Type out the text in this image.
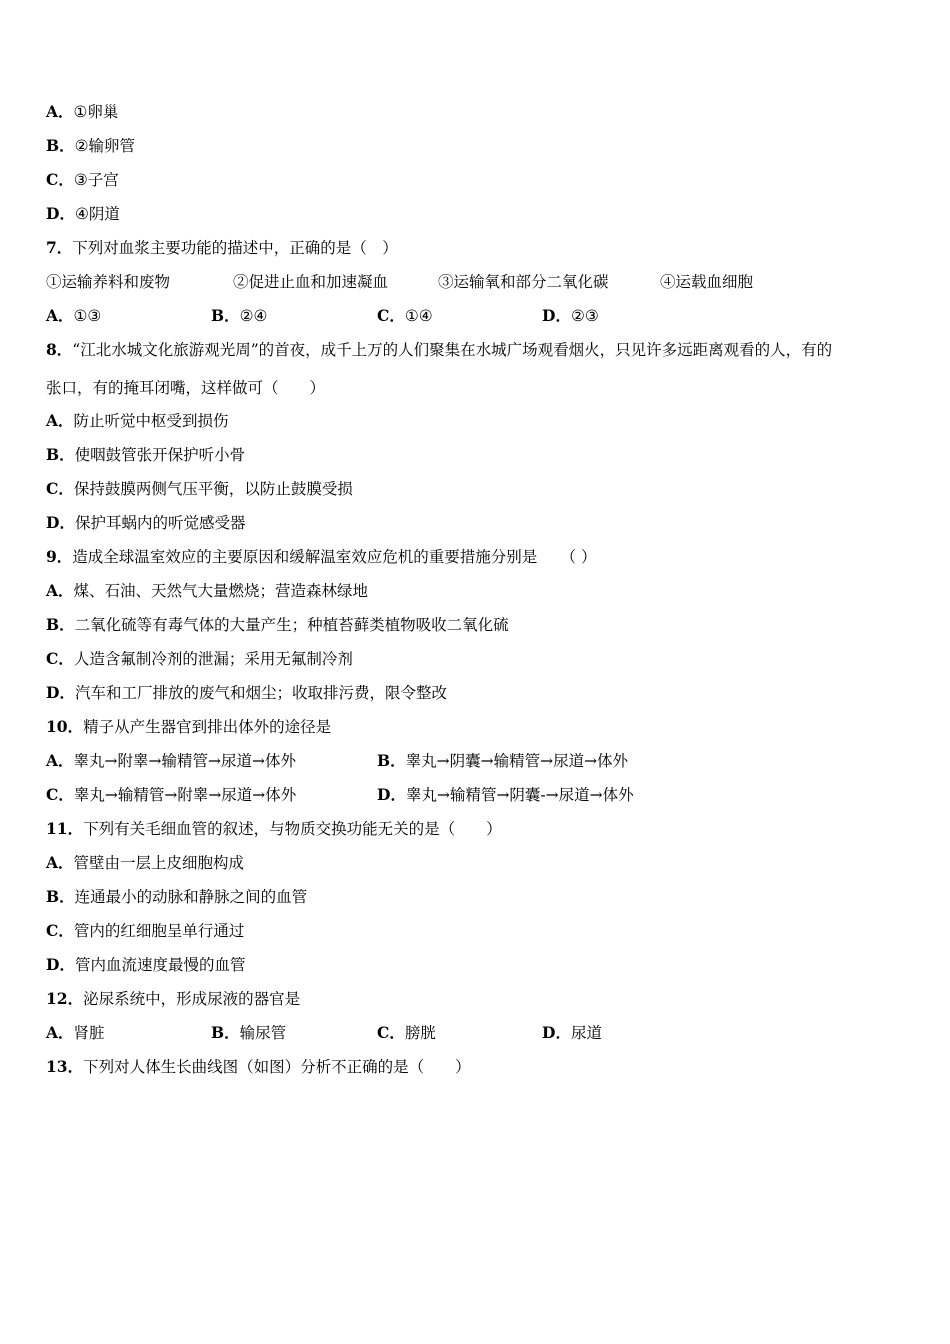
A．①卵巢
B．②输卵管
C．③子宫
D．④阴道
7．下列对血浆主要功能的描述中，正确的是（　）
①运输养料和废物	②促进止血和加速凝血	③运输氧和部分二氧化碳	④运载血细胞
A．①③	B．②④	C．①④	D．②③
8．“江北水城文化旅游观光周”的首夜，成千上万的人们聚集在水城广场观看烟火，只见许多远距离观看的人，有的
张口，有的掩耳闭嘴，这样做可（　　）
A．防止听觉中枢受到损伤
B．使咽鼓管张开保护听小骨
C．保持鼓膜两侧气压平衡，以防止鼓膜受损
D．保护耳蜗内的听觉感受器
9．造成全球温室效应的主要原因和缓解温室效应危机的重要措施分别是　　（ ）
A．煤、石油、天然气大量燃烧；营造森林绿地
B．二氧化硫等有毒气体的大量产生；种植苔藓类植物吸收二氧化硫
C．人造含氟制冷剂的泄漏；采用无氟制冷剂
D．汽车和工厂排放的废气和烟尘；收取排污费，限令整改
10．精子从产生器官到排出体外的途径是
A．睾丸→附睾→输精管→尿道→体外	B．睾丸→阴囊→输精管→尿道→体外
C．睾丸→输精管→附睾→尿道→体外	D．睾丸→输精管→阴囊-→尿道→体外
11．下列有关毛细血管的叙述，与物质交换功能无关的是（　　）
A．管壁由一层上皮细胞构成
B．连通最小的动脉和静脉之间的血管
C．管内的红细胞呈单行通过
D．管内血流速度最慢的血管
12．泌尿系统中，形成尿液的器官是
A．肾脏	B．输尿管	C．膀胱	D．尿道
13．下列对人体生长曲线图（如图）分析不正确的是（　　）
